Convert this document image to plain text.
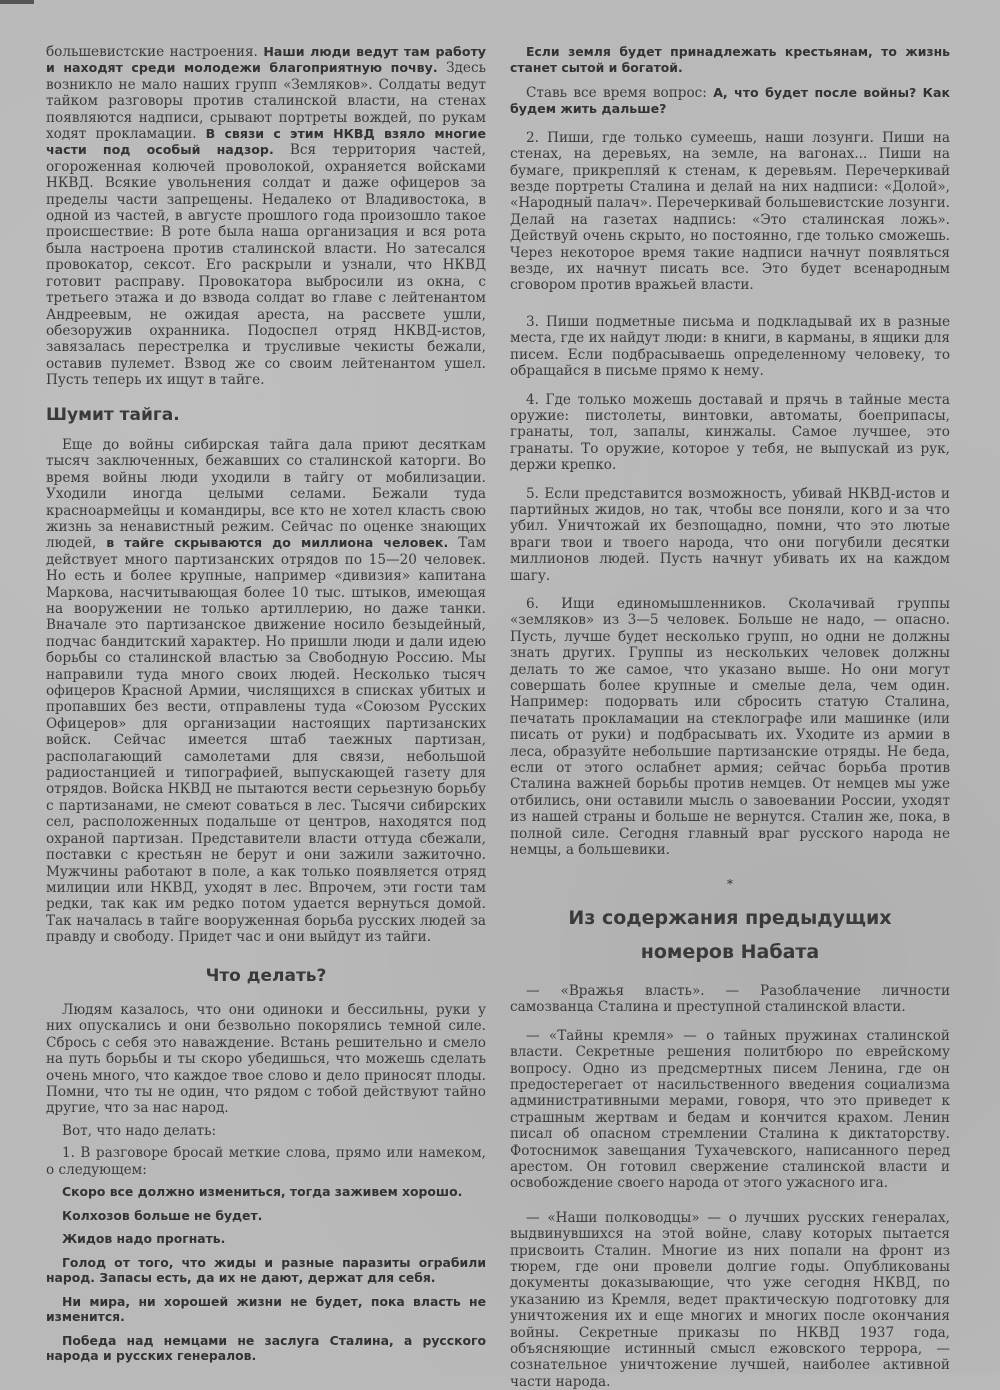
большевистские настроения. Наши люди ведут там работу и находят среди молодежи благоприятную почву. Здесь возникло не мало наших групп «Земляков». Солдаты ведут тайком разговоры против сталинской власти, на стенах появляются надписи, срывают портреты вождей, по рукам ходят прокламации. В связи с этим НКВД взяло многие части под особый надзор. Вся территория частей, огороженная колючей проволокой, охраняется войсками НКВД. Всякие увольнения солдат и даже офицеров за пределы части запрещены. Недалеко от Владивостока, в одной из частей, в августе прошлого года произошло такое происшествие: В роте была наша организация и вся рота была настроена против сталинской власти. Но затесался провокатор, сексот. Его раскрыли и узнали, что НКВД готовит расправу. Провокатора выбросили из окна, с третьего этажа и до взвода солдат во главе с лейтенантом Андреевым, не ожидая ареста, на рассвете ушли, обезоружив охранника. Подоспел отряд НКВД-истов, завязалась перестрелка и трусливые чекисты бежали, оставив пулемет. Взвод же со своим лейтенантом ушел. Пусть теперь их ищут в тайге.

Шумит тайга.

Еще до войны сибирская тайга дала приют десяткам тысяч заключенных, бежавших со сталинской каторги. Во время войны люди уходили в тайгу от мобилизации. Уходили иногда целыми селами. Бежали туда красноармейцы и командиры, все кто не хотел класть свою жизнь за ненавистный режим. Сейчас по оценке знающих людей, в тайге скрываются до миллиона человек. Там действует много партизанских отрядов по 15—20 человек. Но есть и более крупные, например «дивизия» капитана Маркова, насчитывающая более 10 тыс. штыков, имеющая на вооружении не только артиллерию, но даже танки. Вначале это партизанское движение носило безыдейный, подчас бандитский характер. Но пришли люди и дали идею борьбы со сталинской властью за Свободную Россию. Мы направили туда много своих людей. Несколько тысяч офицеров Красной Армии, числящихся в списках убитых и пропавших без вести, отправлены туда «Союзом Русских Офицеров» для организации настоящих партизанских войск. Сейчас имеется штаб таежных партизан, располагающий самолетами для связи, небольшой радиостанцией и типографией, выпускающей газету для отрядов. Войска НКВД не пытаются вести серьезную борьбу с партизанами, не смеют соваться в лес. Тысячи сибирских сел, расположенных подальше от центров, находятся под охраной партизан. Представители власти оттуда сбежали, поставки с крестьян не берут и они зажили зажиточно. Мужчины работают в поле, а как только появляется отряд милиции или НКВД, уходят в лес. Впрочем, эти гости там редки, так как им редко потом удается вернуться домой. Так началась в тайге вооруженная борьба русских людей за правду и свободу. Придет час и они выйдут из тайги.

Что делать?

Людям казалось, что они одиноки и бессильны, руки у них опускались и они безвольно покорялись темной силе. Сбрось с себя это наваждение. Встань решительно и смело на путь борьбы и ты скоро убедишься, что можешь сделать очень много, что каждое твое слово и дело приносят плоды. Помни, что ты не один, что рядом с тобой действуют тайно другие, что за нас народ.

Вот, что надо делать:

1. В разговоре бросай меткие слова, прямо или намеком, о следующем:

Скоро все должно измениться, тогда заживем хорошо.

Колхозов больше не будет.

Жидов надо прогнать.

Голод от того, что жиды и разные паразиты ограбили народ. Запасы есть, да их не дают, держат для себя.

Ни мира, ни хорошей жизни не будет, пока власть не изменится.

Победа над немцами не заслуга Сталина, а русского народа и русских генералов.

Если земля будет принадлежать крестьянам, то жизнь станет сытой и богатой.

Ставь все время вопрос: А, что будет после войны? Как будем жить дальше?

2. Пиши, где только сумеешь, наши лозунги. Пиши на стенах, на деревьях, на земле, на вагонах... Пиши на бумаге, прикрепляй к стенам, к деревьям. Перечеркивай везде портреты Сталина и делай на них надписи: «Долой», «Народный палач». Перечеркивай большевистские лозунги. Делай на газетах надпись: «Это сталинская ложь». Действуй очень скрыто, но постоянно, где только сможешь. Через некоторое время такие надписи начнут появляться везде, их начнут писать все. Это будет всенародным сговором против вражьей власти.

3. Пиши подметные письма и подкладывай их в разные места, где их найдут люди: в книги, в карманы, в ящики для писем. Если подбрасываешь определенному человеку, то обращайся в письме прямо к нему.

4. Где только можешь доставай и прячь в тайные места оружие: пистолеты, винтовки, автоматы, боеприпасы, гранаты, тол, запалы, кинжалы. Самое лучшее, это гранаты. То оружие, которое у тебя, не выпускай из рук, держи крепко.

5. Если представится возможность, убивай НКВД-истов и партийных жидов, но так, чтобы все поняли, кого и за что убил. Уничтожай их безпощадно, помни, что это лютые враги твои и твоего народа, что они погубили десятки миллионов людей. Пусть начнут убивать их на каждом шагу.

6. Ищи единомышленников. Сколачивай группы «земляков» из 3—5 человек. Больше не надо, — опасно. Пусть, лучше будет несколько групп, но одни не должны знать других. Группы из нескольких человек должны делать то же самое, что указано выше. Но они могут совершать более крупные и смелые дела, чем один. Например: подорвать или сбросить статую Сталина, печатать прокламации на стеклографе или машинке (или писать от руки) и подбрасывать их. Уходите из армии в леса, образуйте небольшие партизанские отряды. Не беда, если от этого ослабнет армия; сейчас борьба против Сталина важней борьбы против немцев. От немцев мы уже отбились, они оставили мысль о завоевании России, уходят из нашей страны и больше не вернутся. Сталин же, пока, в полной силе. Сегодня главный враг русского народа не немцы, а большевики.

*
Из содержания предыдущих
номеров Набата

— «Вражья власть». — Разоблачение личности самозванца Сталина и преступной сталинской власти.

— «Тайны кремля» — о тайных пружинах сталинской власти. Секретные решения политбюро по еврейскому вопросу. Одно из предсмертных писем Ленина, где он предостерегает от насильственного введения социализма административными мерами, говоря, что это приведет к страшным жертвам и бедам и кончится крахом. Ленин писал об опасном стремлении Сталина к диктаторству. Фотоснимок завещания Тухачевского, написанного перед арестом. Он готовил свержение сталинской власти и освобождение своего народа от этого ужасного ига.

— «Наши полководцы» — о лучших русских генералах, выдвинувшихся на этой войне, славу которых пытается присвоить Сталин. Многие из них попали на фронт из тюрем, где они провели долгие годы. Опубликованы документы доказывающие, что уже сегодня НКВД, по указанию из Кремля, ведет практическую подготовку для уничтожения их и еще многих и многих после окончания войны. Секретные приказы по НКВД 1937 года, объясняющие истинный смысл ежовского террора, — сознательное уничтожение лучшей, наиболее активной части народа.
